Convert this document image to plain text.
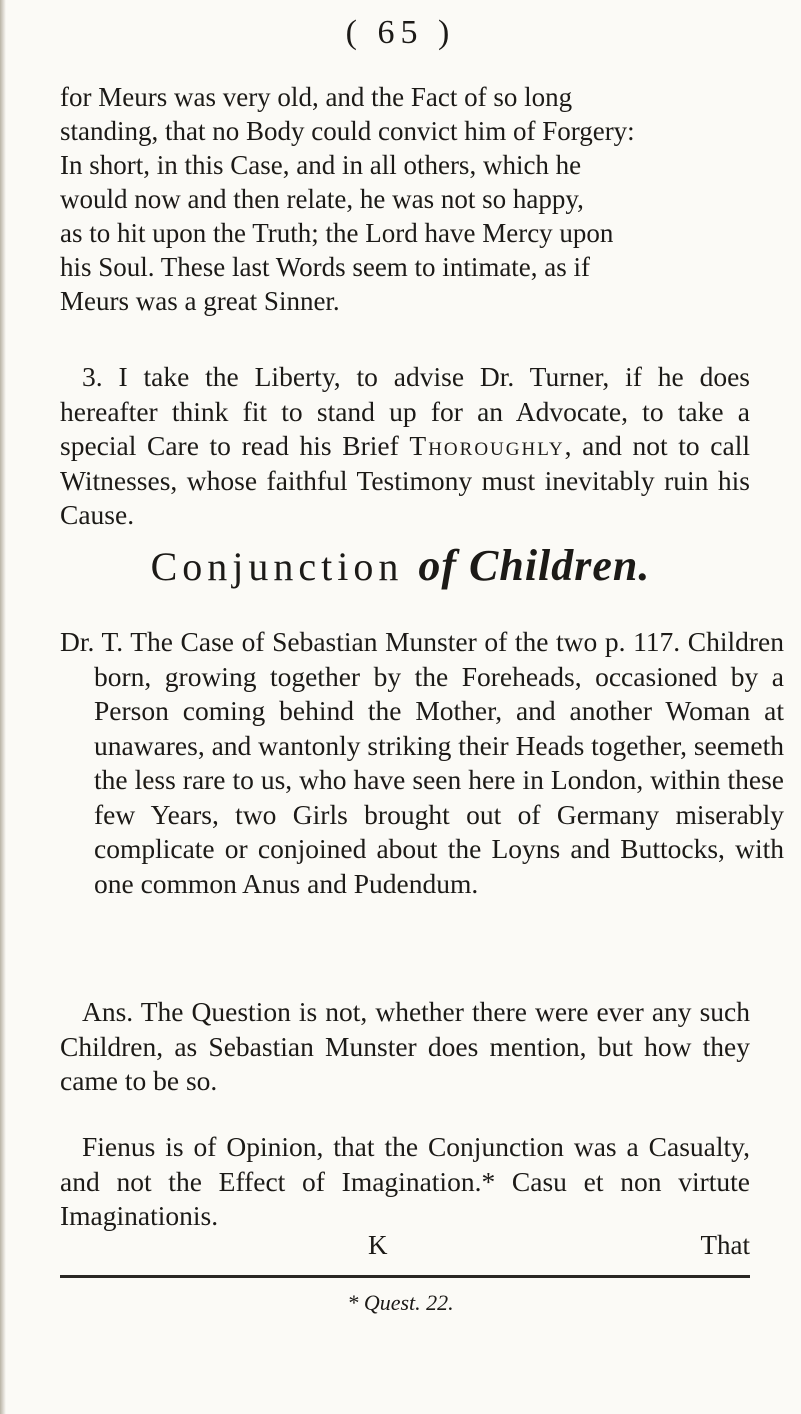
( 65 )
for Meurs was very old, and the Fact of so long
standing, that no Body could convict him of Forgery:
In short, in this Case, and in all others, which he
would now and then relate, he was not so happy,
as to hit upon the Truth; the Lord have Mercy upon
his Soul. These last Words seem to intimate, as if
Meurs was a great Sinner.
3. I take the Liberty, to advise Dr. Turner, if he does hereafter think fit to stand up for an Advocate, to take a special Care to read his Brief Thoroughly, and not to call Witnesses, whose faithful Testimony must inevitably ruin his Cause.
Conjunction of Children.
Dr. T. The Case of Sebastian Munster of the two p. 117. Children born, growing together by the Foreheads, occasioned by a Person coming behind the Mother, and another Woman at unawares, and wantonly striking their Heads together, seemeth the less rare to us, who have seen here in London, within these few Years, two Girls brought out of Germany miserably complicate or conjoined about the Loyns and Buttocks, with one common Anus and Pudendum.
Ans. The Question is not, whether there were ever any such Children, as Sebastian Munster does mention, but how they came to be so.
Fienus is of Opinion, that the Conjunction was a Casualty, and not the Effect of Imagination.* Casu et non virtute Imaginationis.
K	That
* Quest. 22.
